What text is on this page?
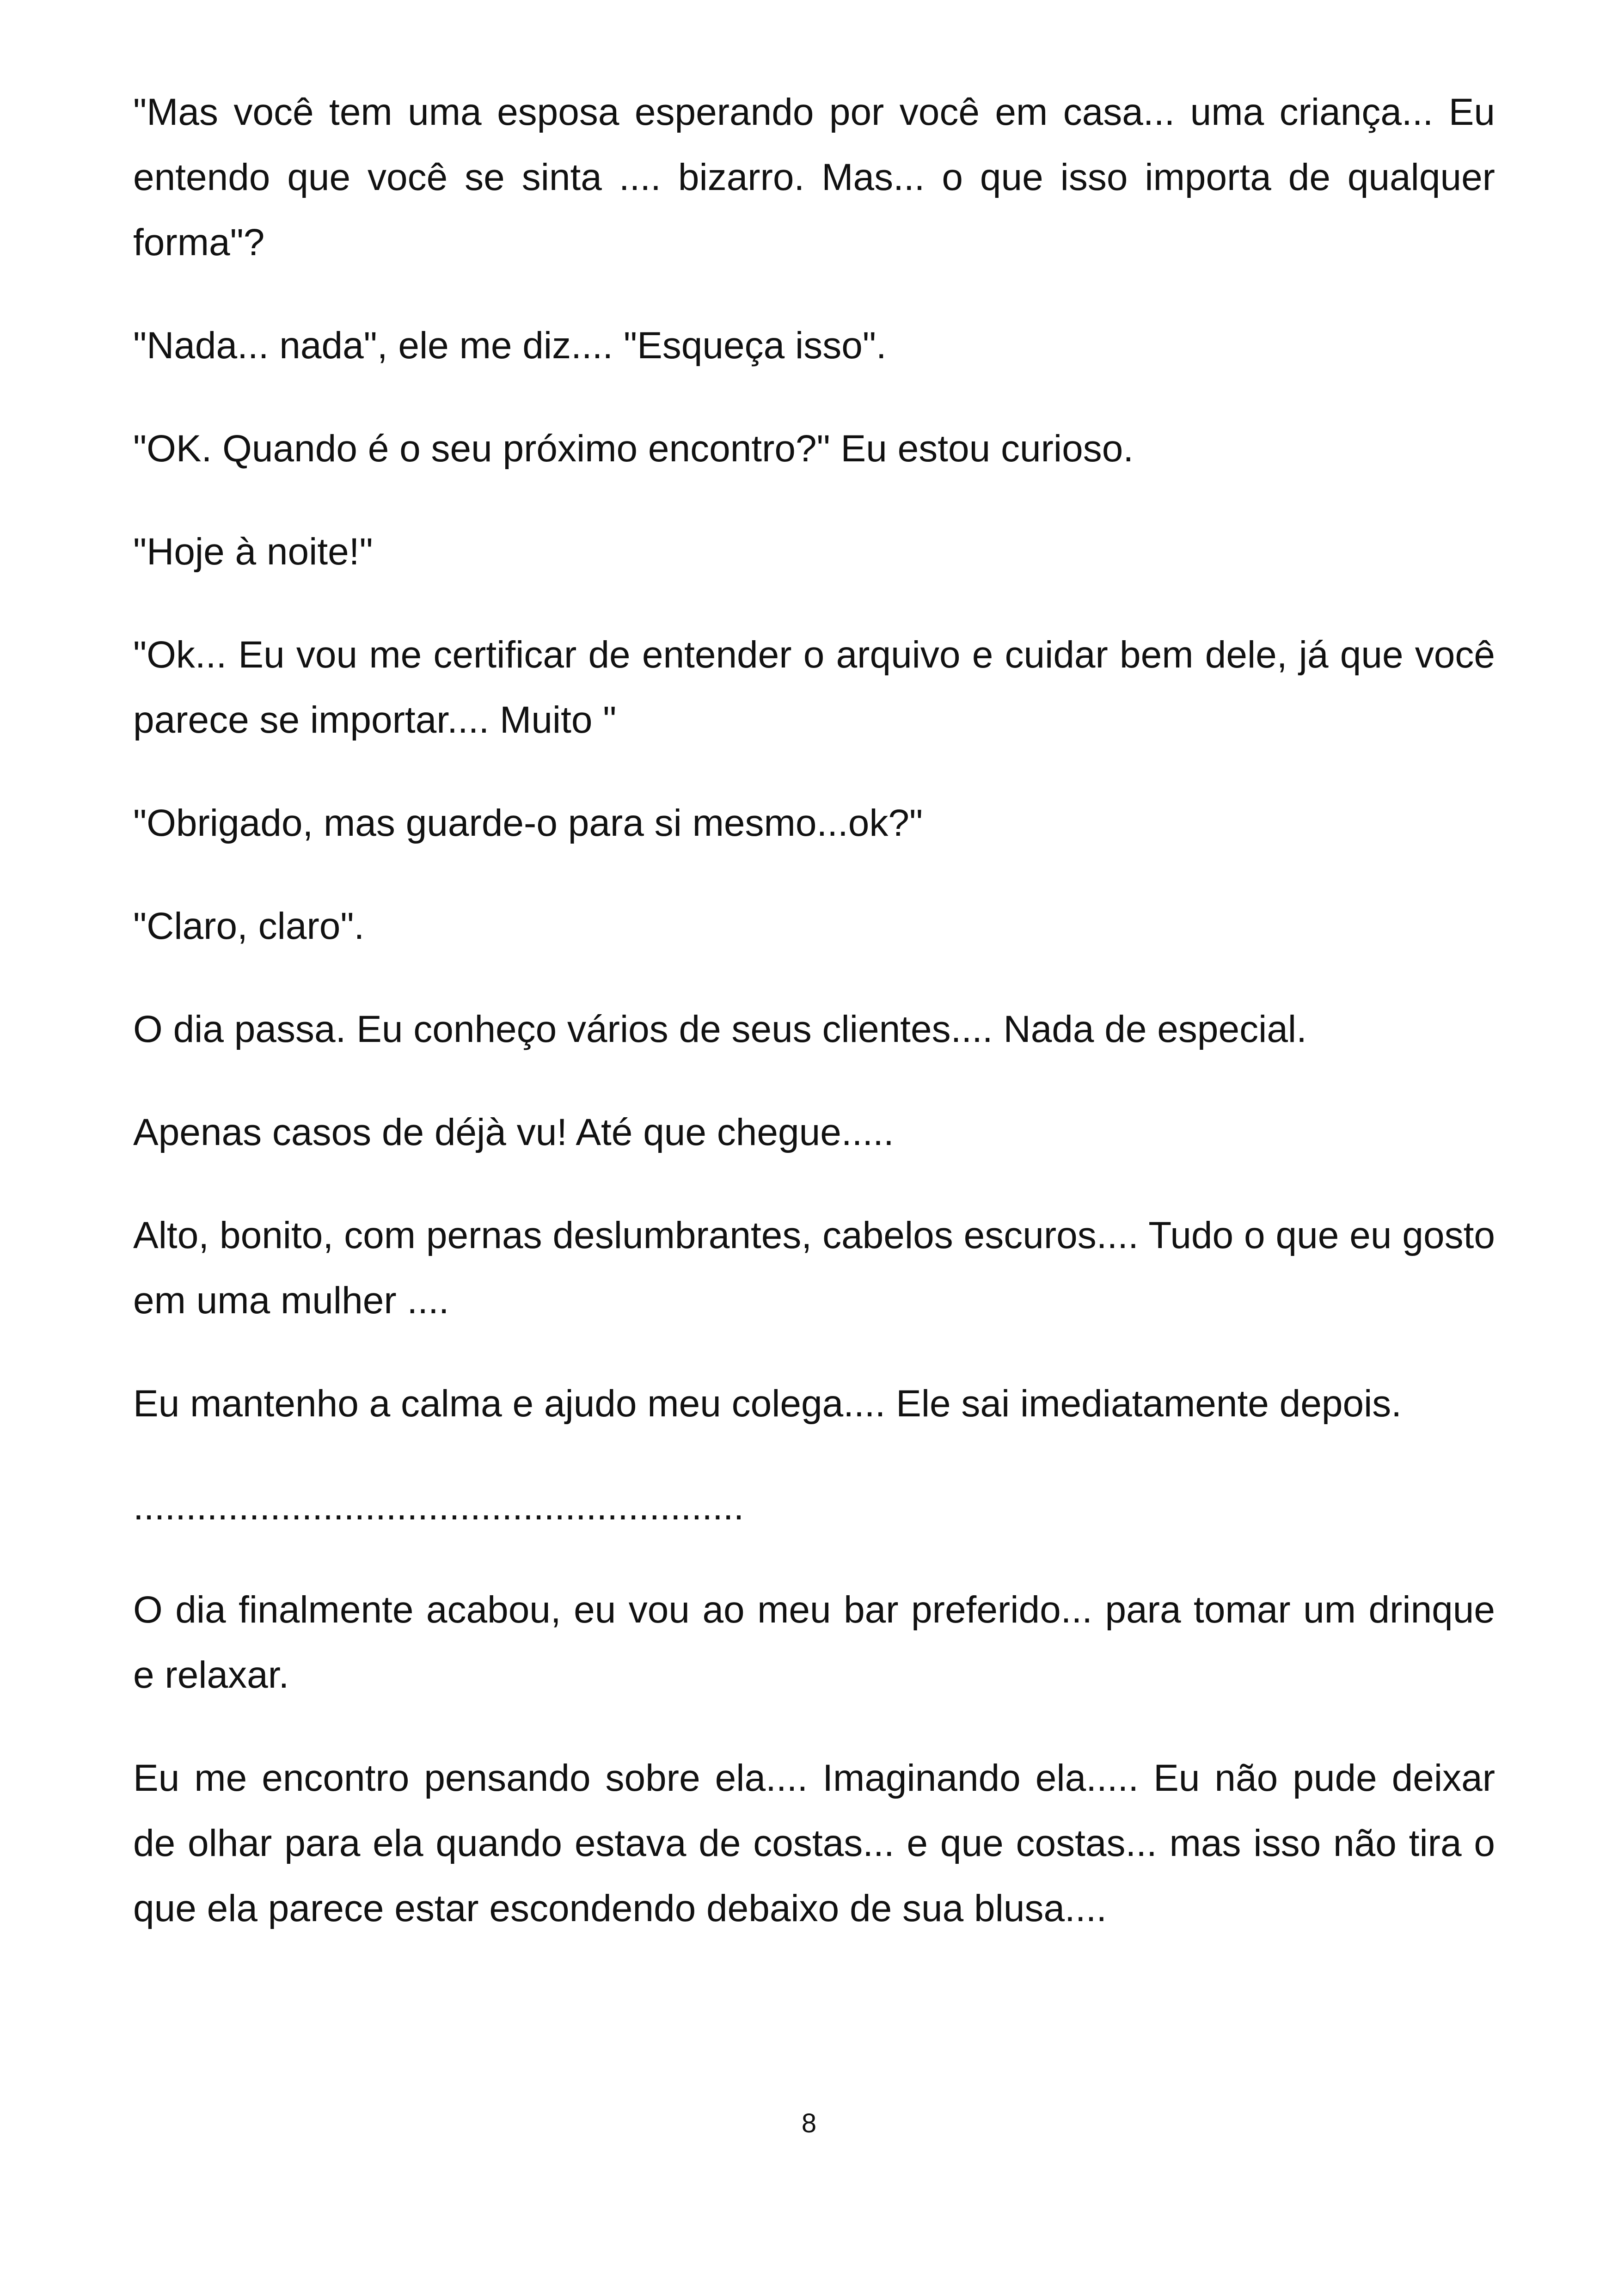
"Mas você tem uma esposa esperando por você em casa... uma criança... Eu entendo que você se sinta .... bizarro. Mas... o que isso importa de qualquer forma"?

"Nada... nada", ele me diz.... "Esqueça isso".

"OK. Quando é o seu próximo encontro?" Eu estou curioso.

"Hoje à noite!"

"Ok... Eu vou me certificar de entender o arquivo e cuidar bem dele, já que você parece se importar.... Muito "

"Obrigado, mas guarde-o para si mesmo...ok?"

"Claro, claro".

O dia passa. Eu conheço vários de seus clientes.... Nada de especial.

Apenas casos de déjà vu! Até que chegue.....

Alto, bonito, com pernas deslumbrantes, cabelos escuros.... Tudo o que eu gosto em uma mulher ....

Eu mantenho a calma e ajudo meu colega.... Ele sai imediatamente depois.

..........................................................

O dia finalmente acabou, eu vou ao meu bar preferido... para tomar um drinque e relaxar.

Eu me encontro pensando sobre ela.... Imaginando ela..... Eu não pude deixar de olhar para ela quando estava de costas... e que costas... mas isso não tira o que ela parece estar escondendo debaixo de sua blusa....

8
